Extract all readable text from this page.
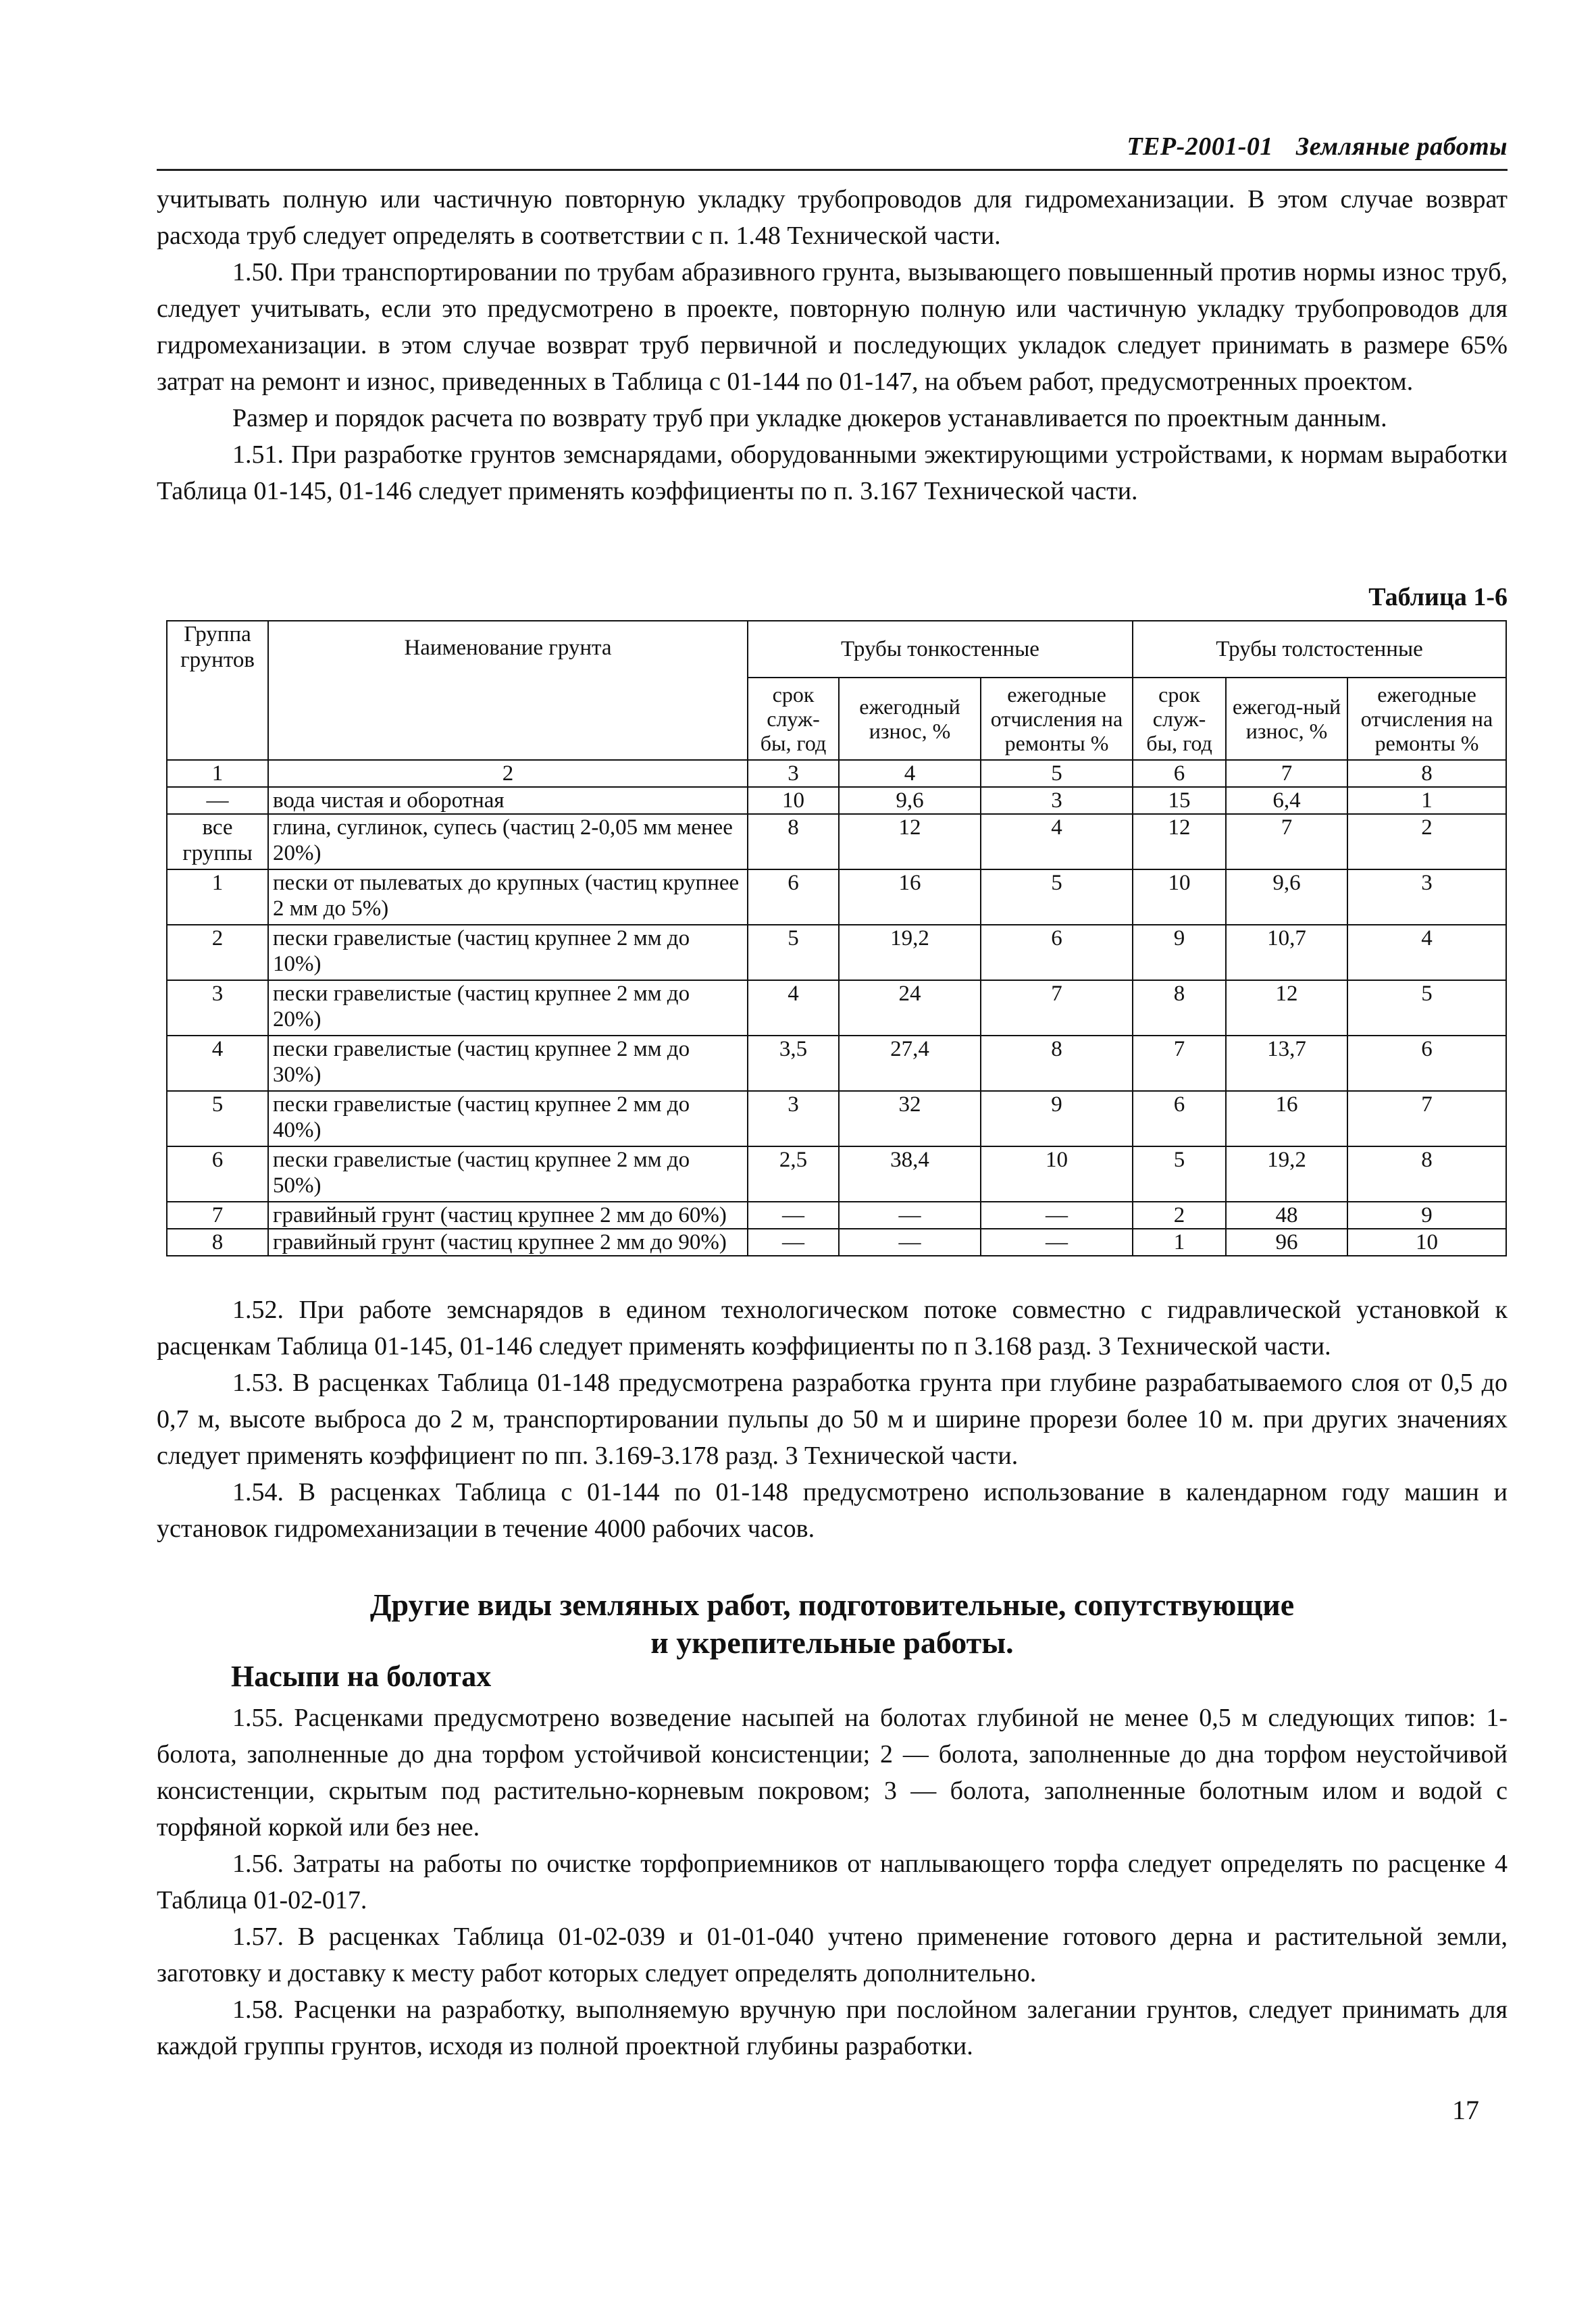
ТЕР-2001-01 Земляные работы

учитывать полную или частичную повторную укладку трубопроводов для гидромеханизации. В этом случае возврат расхода труб следует определять в соответствии с п. 1.48 Технической части.

1.50. При транспортировании по трубам абразивного грунта, вызывающего повышенный против нормы износ труб, следует учитывать, если это предусмотрено в проекте, повторную полную или частичную укладку трубопроводов для гидромеханизации. в этом случае возврат труб первичной и последующих укладок следует принимать в размере 65% затрат на ремонт и износ, приведенных в Таблица с 01-144 по 01-147, на объем работ, предусмотренных проектом.

Размер и порядок расчета по возврату труб при укладке дюкеров устанавливается по проектным данным.

1.51. При разработке грунтов земснарядами, оборудованными эжектирующими устройствами, к нормам выработки Таблица 01-145, 01-146 следует применять коэффициенты по п. 3.167 Технической части.

Таблица 1-6
Группа грунтов	Наименование грунта	Трубы тонкостенные			Трубы толстостенные		
		срок служ-бы, год	ежегодный износ, %	ежегодные отчисления на ремонты %	срок служ-бы, год	ежегод-ный износ, %	ежегодные отчисления на ремонты %
1	2	3	4	5	6	7	8
—	вода чистая и оборотная	10	9,6	3	15	6,4	1
все группы	глина, суглинок, супесь (частиц 2-0,05 мм менее 20%)	8	12	4	12	7	2
1	пески от пылеватых до крупных (частиц крупнее 2 мм до 5%)	6	16	5	10	9,6	3
2	пески гравелистые (частиц крупнее 2 мм до 10%)	5	19,2	6	9	10,7	4
3	пески гравелистые (частиц крупнее 2 мм до 20%)	4	24	7	8	12	5
4	пески гравелистые (частиц крупнее 2 мм до 30%)	3,5	27,4	8	7	13,7	6
5	пески гравелистые (частиц крупнее 2 мм до 40%)	3	32	9	6	16	7
6	пески гравелистые (частиц крупнее 2 мм до 50%)	2,5	38,4	10	5	19,2	8
7	гравийный грунт (частиц крупнее 2 мм до 60%)	—	—	—	2	48	9
8	гравийный грунт (частиц крупнее 2 мм до 90%)	—	—	—	1	96	10

1.52. При работе земснарядов в едином технологическом потоке совместно с гидравлической установкой к расценкам Таблица 01-145, 01-146 следует применять коэффициенты по п 3.168 разд. 3 Технической части.

1.53. В расценках Таблица 01-148 предусмотрена разработка грунта при глубине разрабатываемого слоя от 0,5 до 0,7 м, высоте выброса до 2 м, транспортировании пульпы до 50 м и ширине прорези более 10 м. при других значениях следует применять коэффициент по пп. 3.169-3.178 разд. 3 Технической части.

1.54. В расценках Таблица с 01-144 по 01-148 предусмотрено использование в календарном году машин и установок гидромеханизации в течение 4000 рабочих часов.

Другие виды земляных работ, подготовительные, сопутствующие
и укрепительные работы.
Насыпи на болотах

1.55. Расценками предусмотрено возведение насыпей на болотах глубиной не менее 0,5 м следующих типов: 1- болота, заполненные до дна торфом устойчивой консистенции; 2 — болота, заполненные до дна торфом неустойчивой консистенции, скрытым под растительно-корневым покровом; 3 — болота, заполненные болотным илом и водой с торфяной коркой или без нее.

1.56. Затраты на работы по очистке торфоприемников от наплывающего торфа следует определять по расценке 4 Таблица 01-02-017.

1.57. В расценках Таблица 01-02-039 и 01-01-040 учтено применение готового дерна и растительной земли, заготовку и доставку к месту работ которых следует определять дополнительно.

1.58. Расценки на разработку, выполняемую вручную при послойном залегании грунтов, следует принимать для каждой группы грунтов, исходя из полной проектной глубины разработки.

17
